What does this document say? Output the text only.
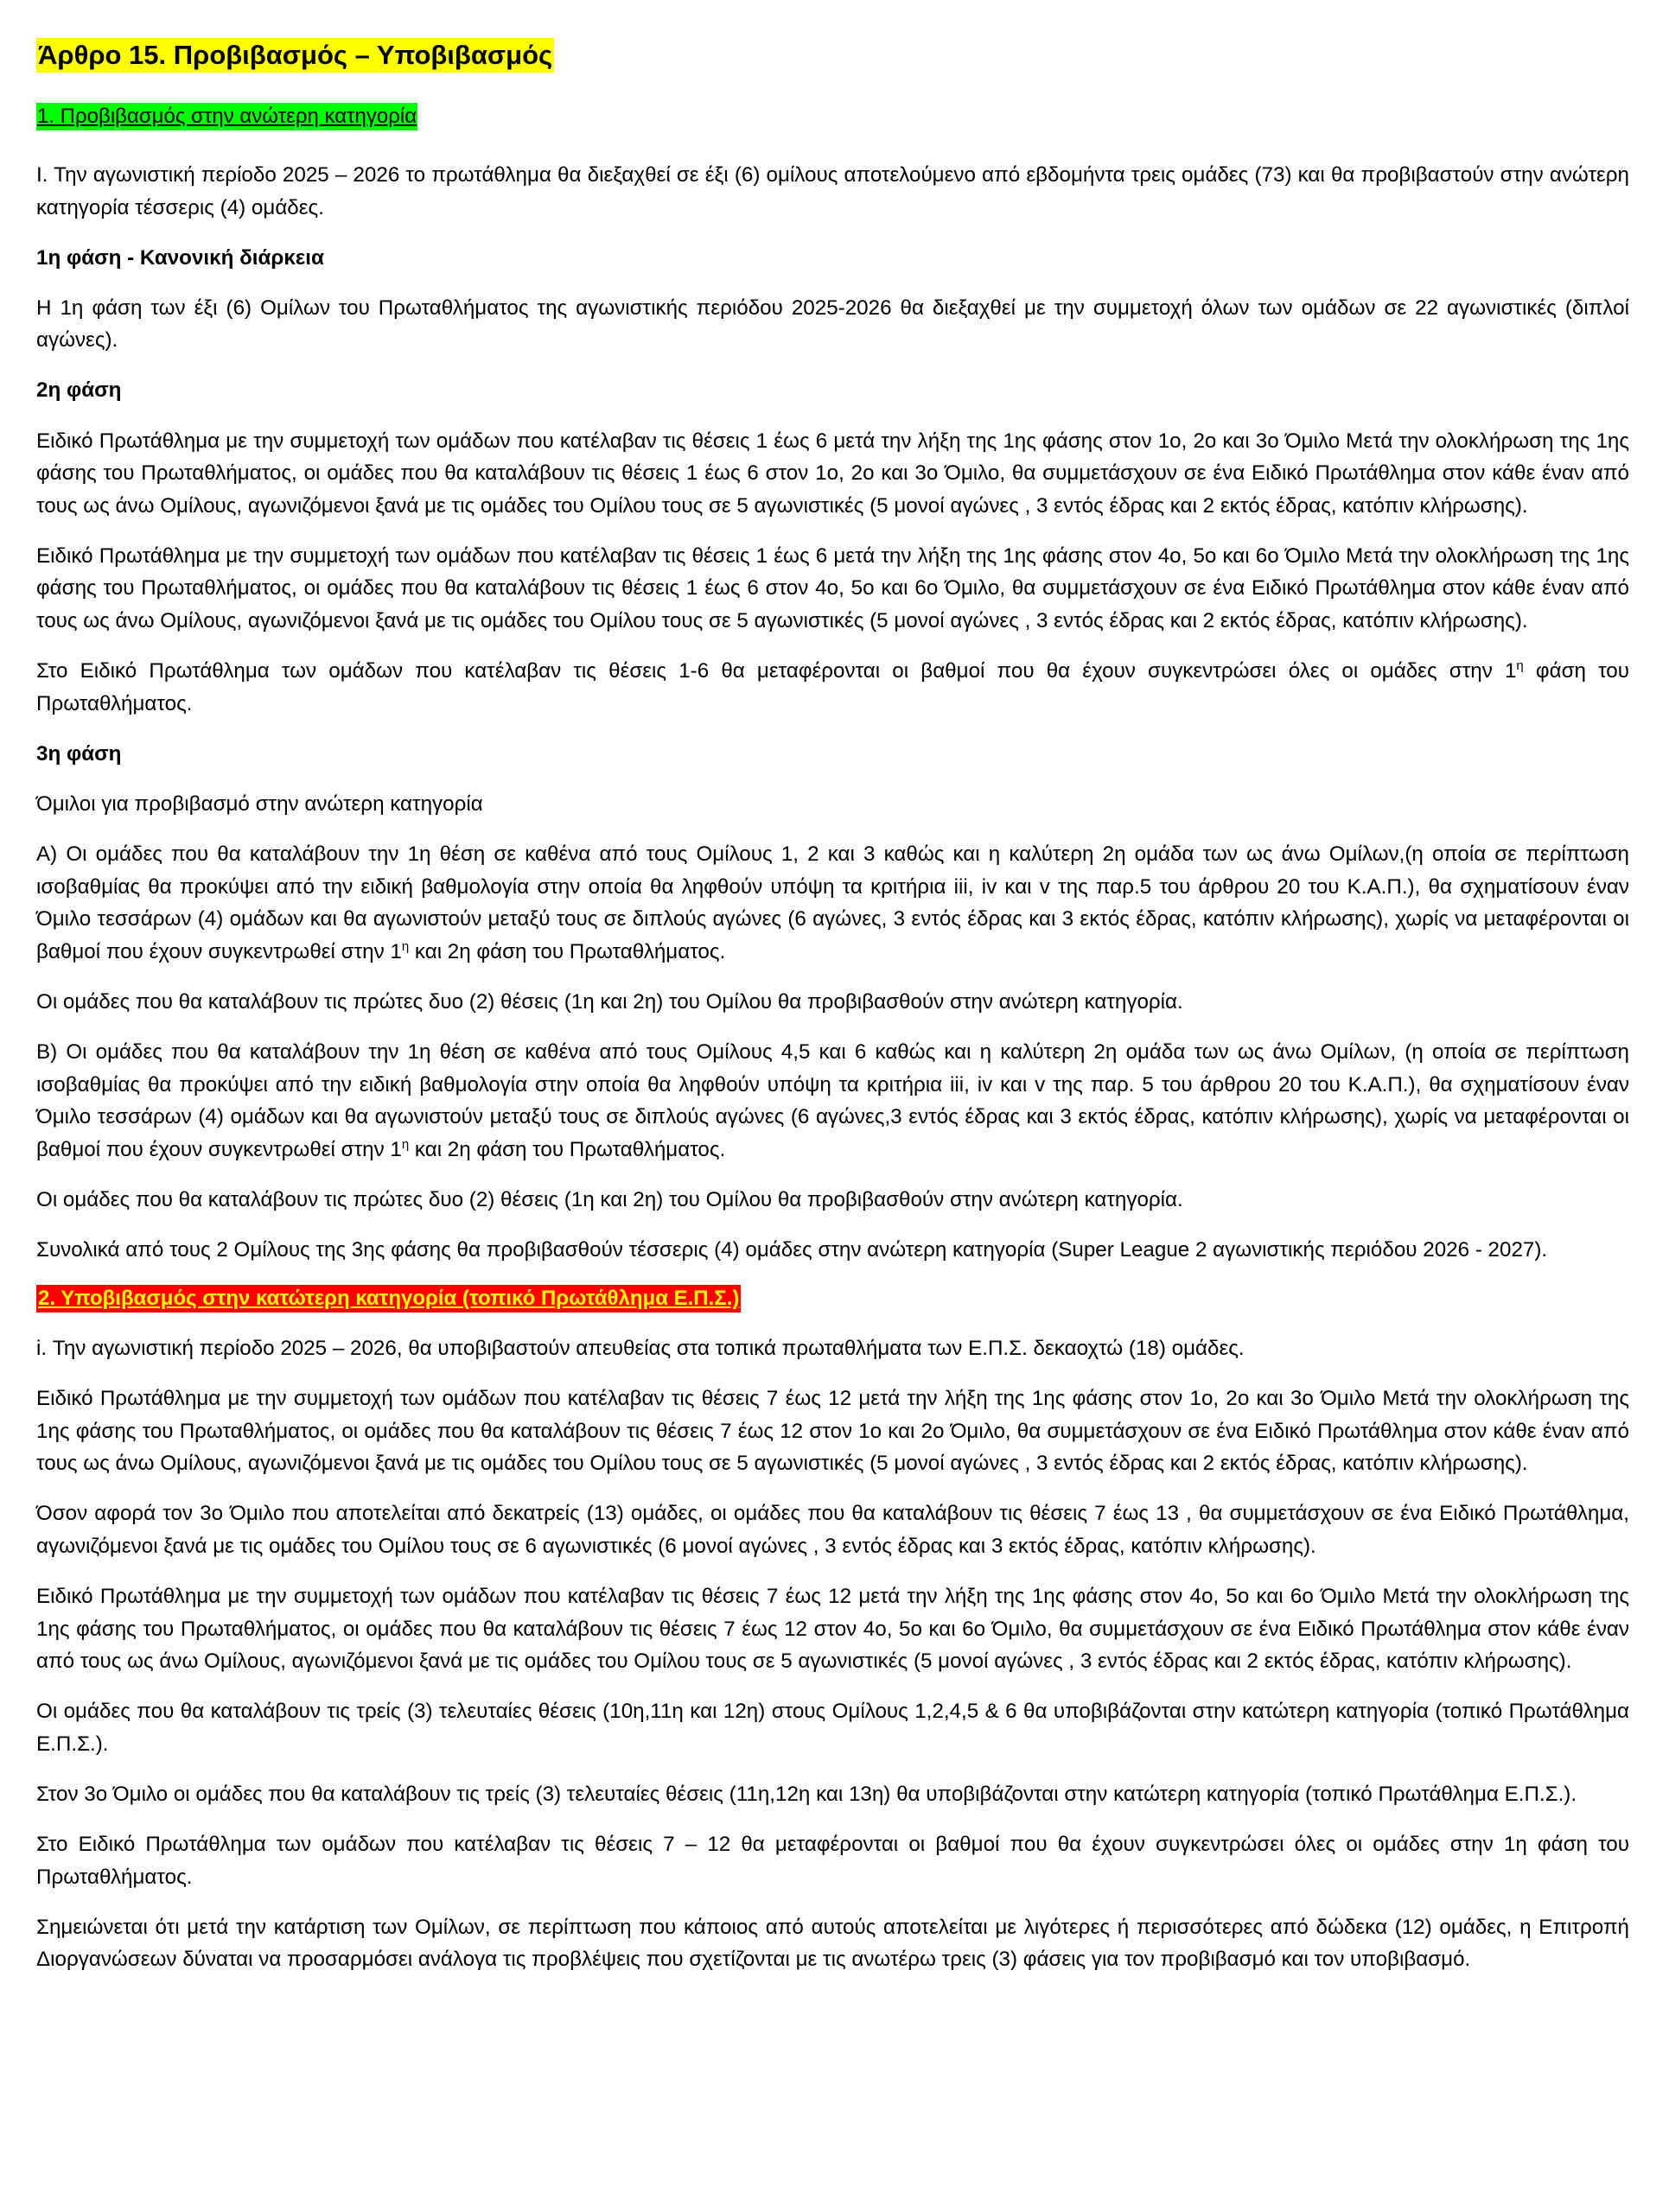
Άρθρο 15. Προβιβασμός – Υποβιβασμός
1. Προβιβασμός στην ανώτερη κατηγορία

Ι. Την αγωνιστική περίοδο 2025 – 2026 το πρωτάθλημα θα διεξαχθεί σε έξι (6) ομίλους αποτελούμενο από εβδομήντα τρεις ομάδες (73) και θα προβιβαστούν στην ανώτερη κατηγορία τέσσερις (4) ομάδες.

1η φάση - Κανονική διάρκεια

Η 1η φάση των έξι (6) Ομίλων του Πρωταθλήματος της αγωνιστικής περιόδου 2025-2026 θα διεξαχθεί με την συμμετοχή όλων των ομάδων σε 22 αγωνιστικές (διπλοί αγώνες).

2η φάση

Ειδικό Πρωτάθλημα με την συμμετοχή των ομάδων που κατέλαβαν τις θέσεις 1 έως 6 μετά την λήξη της 1ης φάσης στον 1ο, 2ο και 3ο Όμιλο Μετά την ολοκλήρωση της 1ης φάσης του Πρωταθλήματος, οι ομάδες που θα καταλάβουν τις θέσεις 1 έως 6 στον 1ο, 2ο και 3ο Όμιλο, θα συμμετάσχουν σε ένα Ειδικό Πρωτάθλημα στον κάθε έναν από τους ως άνω Ομίλους, αγωνιζόμενοι ξανά με τις ομάδες του Ομίλου τους σε 5 αγωνιστικές (5 μονοί αγώνες , 3 εντός έδρας και 2 εκτός έδρας, κατόπιν κλήρωσης).

Ειδικό Πρωτάθλημα με την συμμετοχή των ομάδων που κατέλαβαν τις θέσεις 1 έως 6 μετά την λήξη της 1ης φάσης στον 4ο, 5ο και 6ο Όμιλο Μετά την ολοκλήρωση της 1ης φάσης του Πρωταθλήματος, οι ομάδες που θα καταλάβουν τις θέσεις 1 έως 6 στον 4ο, 5ο και 6ο Όμιλο, θα συμμετάσχουν σε ένα Ειδικό Πρωτάθλημα στον κάθε έναν από τους ως άνω Ομίλους, αγωνιζόμενοι ξανά με τις ομάδες του Ομίλου τους σε 5 αγωνιστικές (5 μονοί αγώνες , 3 εντός έδρας και 2 εκτός έδρας, κατόπιν κλήρωσης).

Στο Ειδικό Πρωτάθλημα των ομάδων που κατέλαβαν τις θέσεις 1-6 θα μεταφέρονται οι βαθμοί που θα έχουν συγκεντρώσει όλες οι ομάδες στην $1^\eta$ φάση του Πρωταθλήματος.

3η φάση

Όμιλοι για προβιβασμό στην ανώτερη κατηγορία

Α) Οι ομάδες που θα καταλάβουν την 1η θέση σε καθένα από τους Ομίλους 1, 2 και 3 καθώς και η καλύτερη 2η ομάδα των ως άνω Ομίλων,(η οποία σε περίπτωση ισοβαθμίας θα προκύψει από την ειδική βαθμολογία στην οποία θα ληφθούν υπόψη τα κριτήρια iii, iv και v της παρ.5 του άρθρου 20 του Κ.Α.Π.), θα σχηματίσουν έναν Όμιλο τεσσάρων (4) ομάδων και θα αγωνιστούν μεταξύ τους σε διπλούς αγώνες (6 αγώνες, 3 εντός έδρας και 3 εκτός έδρας, κατόπιν κλήρωσης), χωρίς να μεταφέρονται οι βαθμοί που έχουν συγκεντρωθεί στην $1^\eta$ και 2η φάση του Πρωταθλήματος.

Οι ομάδες που θα καταλάβουν τις πρώτες δυο (2) θέσεις (1η και 2η) του Ομίλου θα προβιβασθούν στην ανώτερη κατηγορία.

Β) Οι ομάδες που θα καταλάβουν την 1η θέση σε καθένα από τους Ομίλους 4,5 και 6 καθώς και η καλύτερη 2η ομάδα των ως άνω Ομίλων, (η οποία σε περίπτωση ισοβαθμίας θα προκύψει από την ειδική βαθμολογία στην οποία θα ληφθούν υπόψη τα κριτήρια iii, iv και v της παρ. 5 του άρθρου 20 του Κ.Α.Π.), θα σχηματίσουν έναν Όμιλο τεσσάρων (4) ομάδων και θα αγωνιστούν μεταξύ τους σε διπλούς αγώνες (6 αγώνες,3 εντός έδρας και 3 εκτός έδρας, κατόπιν κλήρωσης), χωρίς να μεταφέρονται οι βαθμοί που έχουν συγκεντρωθεί στην $1^\eta$ και 2η φάση του Πρωταθλήματος.

Οι ομάδες που θα καταλάβουν τις πρώτες δυο (2) θέσεις (1η και 2η) του Ομίλου θα προβιβασθούν στην ανώτερη κατηγορία.

Συνολικά από τους 2 Ομίλους της 3ης φάσης θα προβιβασθούν τέσσερις (4) ομάδες στην ανώτερη κατηγορία (Super League 2 αγωνιστικής περιόδου 2026 - 2027).

2. Υποβιβασμός στην κατώτερη κατηγορία (τοπικό Πρωτάθλημα Ε.Π.Σ.)

i. Την αγωνιστική περίοδο 2025 – 2026, θα υποβιβαστούν απευθείας στα τοπικά πρωταθλήματα των Ε.Π.Σ. δεκαοχτώ (18) ομάδες.

Ειδικό Πρωτάθλημα με την συμμετοχή των ομάδων που κατέλαβαν τις θέσεις 7 έως 12 μετά την λήξη της 1ης φάσης στον 1ο, 2ο και 3ο Όμιλο Μετά την ολοκλήρωση της 1ης φάσης του Πρωταθλήματος, οι ομάδες που θα καταλάβουν τις θέσεις 7 έως 12 στον 1ο και 2ο Όμιλο, θα συμμετάσχουν σε ένα Ειδικό Πρωτάθλημα στον κάθε έναν από τους ως άνω Ομίλους, αγωνιζόμενοι ξανά με τις ομάδες του Ομίλου τους σε 5 αγωνιστικές (5 μονοί αγώνες , 3 εντός έδρας και 2 εκτός έδρας, κατόπιν κλήρωσης).

Όσον αφορά τον 3ο Όμιλο που αποτελείται από δεκατρείς (13) ομάδες, οι ομάδες που θα καταλάβουν τις θέσεις 7 έως 13 , θα συμμετάσχουν σε ένα Ειδικό Πρωτάθλημα, αγωνιζόμενοι ξανά με τις ομάδες του Ομίλου τους σε 6 αγωνιστικές (6 μονοί αγώνες , 3 εντός έδρας και 3 εκτός έδρας, κατόπιν κλήρωσης).

Ειδικό Πρωτάθλημα με την συμμετοχή των ομάδων που κατέλαβαν τις θέσεις 7 έως 12 μετά την λήξη της 1ης φάσης στον 4ο, 5ο και 6ο Όμιλο Μετά την ολοκλήρωση της 1ης φάσης του Πρωταθλήματος, οι ομάδες που θα καταλάβουν τις θέσεις 7 έως 12 στον 4ο, 5ο και 6ο Όμιλο, θα συμμετάσχουν σε ένα Ειδικό Πρωτάθλημα στον κάθε έναν από τους ως άνω Ομίλους, αγωνιζόμενοι ξανά με τις ομάδες του Ομίλου τους σε 5 αγωνιστικές (5 μονοί αγώνες , 3 εντός έδρας και 2 εκτός έδρας, κατόπιν κλήρωσης).

Οι ομάδες που θα καταλάβουν τις τρείς (3) τελευταίες θέσεις (10η,11η και 12η) στους Ομίλους 1,2,4,5 & 6 θα υποβιβάζονται στην κατώτερη κατηγορία (τοπικό Πρωτάθλημα Ε.Π.Σ.).

Στον 3ο Όμιλο οι ομάδες που θα καταλάβουν τις τρείς (3) τελευταίες θέσεις (11η,12η και 13η) θα υποβιβάζονται στην κατώτερη κατηγορία (τοπικό Πρωτάθλημα Ε.Π.Σ.).

Στο Ειδικό Πρωτάθλημα των ομάδων που κατέλαβαν τις θέσεις 7 – 12 θα μεταφέρονται οι βαθμοί που θα έχουν συγκεντρώσει όλες οι ομάδες στην 1η φάση του Πρωταθλήματος.

Σημειώνεται ότι μετά την κατάρτιση των Ομίλων, σε περίπτωση που κάποιος από αυτούς αποτελείται με λιγότερες ή περισσότερες από δώδεκα (12) ομάδες, η Επιτροπή Διοργανώσεων δύναται να προσαρμόσει ανάλογα τις προβλέψεις που σχετίζονται με τις ανωτέρω τρεις (3) φάσεις για τον προβιβασμό και τον υποβιβασμό.
